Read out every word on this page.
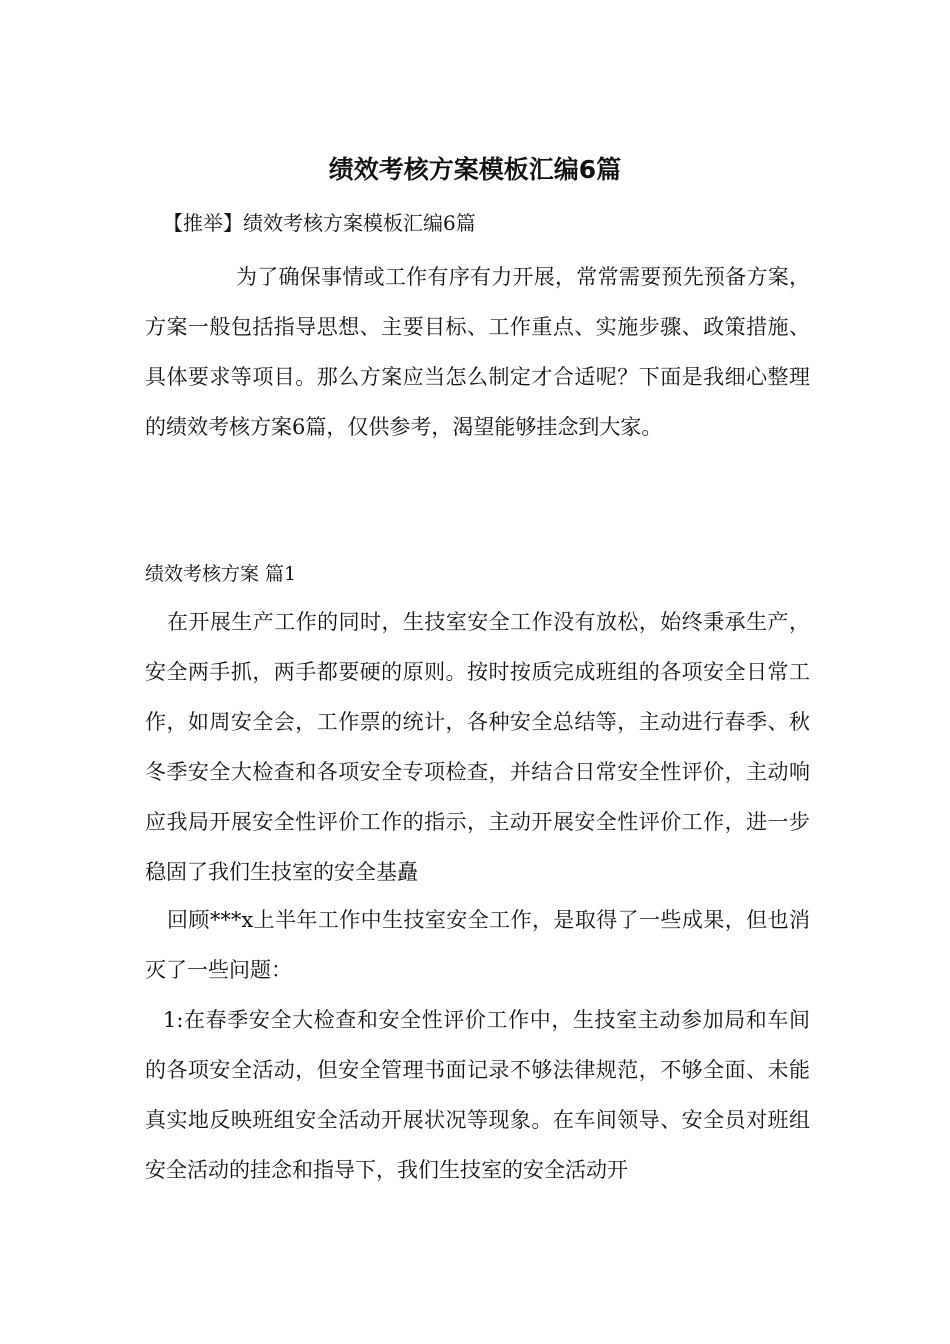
绩效考核方案模板汇编6篇

【推举】绩效考核方案模板汇编6篇

为了确保事情或工作有序有力开展，常常需要预先预备方案，方案一般包括指导思想、主要目标、工作重点、实施步骤、政策措施、具体要求等项目。那么方案应当怎么制定才合适呢？下面是我细心整理的绩效考核方案6篇，仅供参考，渴望能够挂念到大家。

绩效考核方案 篇1

在开展生产工作的同时，生技室安全工作没有放松，始终秉承生产，安全两手抓，两手都要硬的原则。按时按质完成班组的各项安全日常工作，如周安全会，工作票的统计，各种安全总结等，主动进行春季、秋冬季安全大检查和各项安全专项检查，并结合日常安全性评价，主动响应我局开展安全性评价工作的指示，主动开展安全性评价工作，进一步稳固了我们生技室的安全基矗

回顾***x上半年工作中生技室安全工作，是取得了一些成果，但也消灭了一些问题：

1:在春季安全大检查和安全性评价工作中，生技室主动参加局和车间的各项安全活动，但安全管理书面记录不够法律规范，不够全面、未能真实地反映班组安全活动开展状况等现象。在车间领导、安全员对班组安全活动的挂念和指导下，我们生技室的安全活动开
